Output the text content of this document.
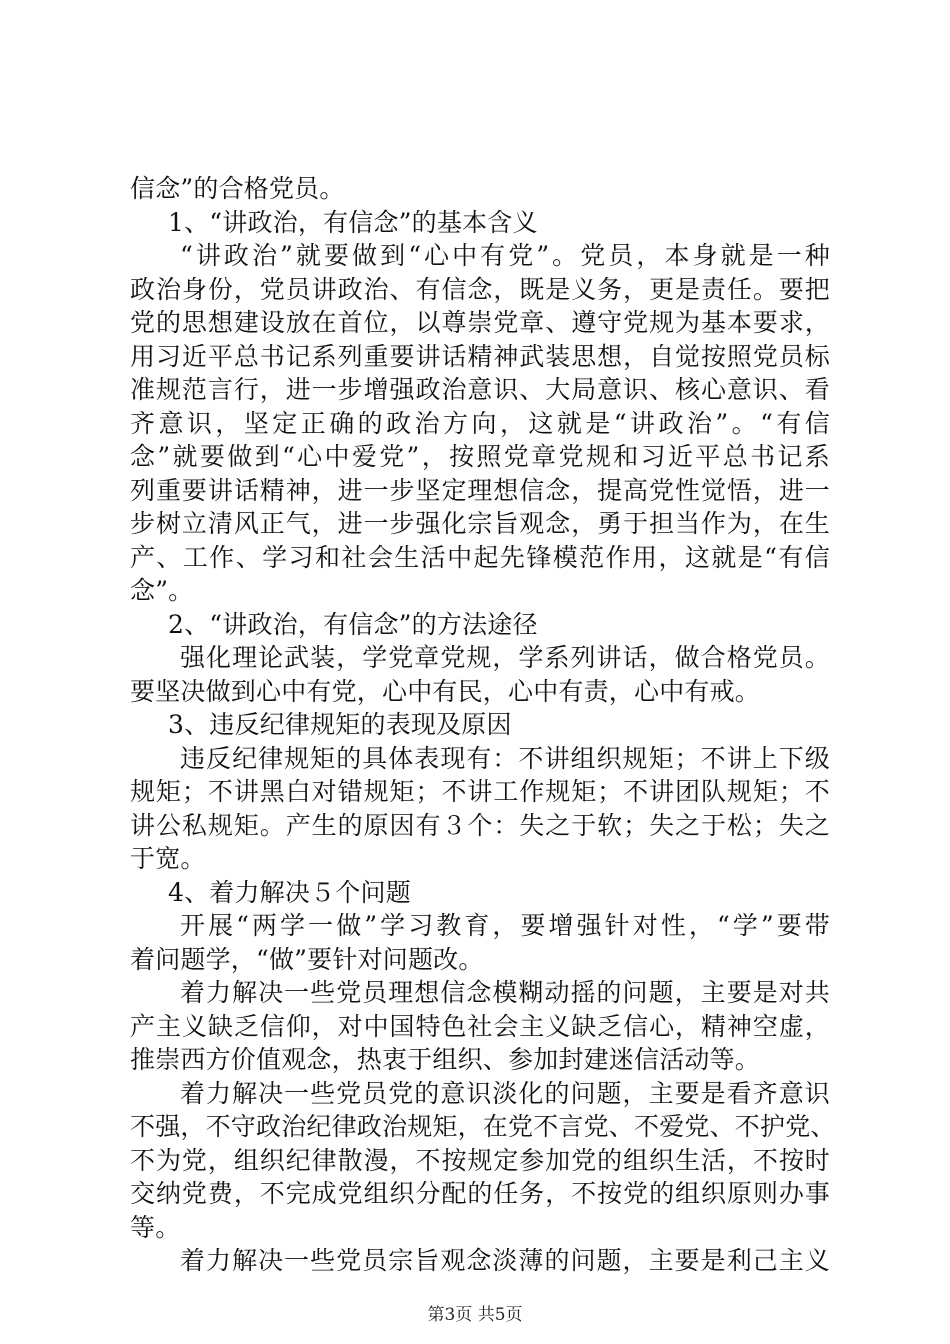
信念”的合格党员。
1、“讲政治，有信念”的基本含义
“讲政治”就要做到“心中有党”。党员，本身就是一种
政治身份，党员讲政治、有信念，既是义务，更是责任。要把
党的思想建设放在首位，以尊崇党章、遵守党规为基本要求，
用习近平总书记系列重要讲话精神武装思想，自觉按照党员标
准规范言行，进一步增强政治意识、大局意识、核心意识、看
齐意识，坚定正确的政治方向，这就是“讲政治”。“有信
念”就要做到“心中爱党”，按照党章党规和习近平总书记系
列重要讲话精神，进一步坚定理想信念，提高党性觉悟，进一
步树立清风正气，进一步强化宗旨观念，勇于担当作为，在生
产、工作、学习和社会生活中起先锋模范作用，这就是“有信
念”。
2、“讲政治，有信念”的方法途径
强化理论武装，学党章党规，学系列讲话，做合格党员。
要坚决做到心中有党，心中有民，心中有责，心中有戒。
3、违反纪律规矩的表现及原因
违反纪律规矩的具体表现有：不讲组织规矩；不讲上下级
规矩；不讲黑白对错规矩；不讲工作规矩；不讲团队规矩；不
讲公私规矩。产生的原因有３个：失之于软；失之于松；失之
于宽。
4、着力解决５个问题
开展“两学一做”学习教育，要增强针对性，“学”要带
着问题学，“做”要针对问题改。
着力解决一些党员理想信念模糊动摇的问题，主要是对共
产主义缺乏信仰，对中国特色社会主义缺乏信心，精神空虚，
推崇西方价值观念，热衷于组织、参加封建迷信活动等。
着力解决一些党员党的意识淡化的问题，主要是看齐意识
不强，不守政治纪律政治规矩，在党不言党、不爱党、不护党、
不为党，组织纪律散漫，不按规定参加党的组织生活，不按时
交纳党费，不完成党组织分配的任务，不按党的组织原则办事
等。
着力解决一些党员宗旨观念淡薄的问题，主要是利己主义
第3页 共5页
